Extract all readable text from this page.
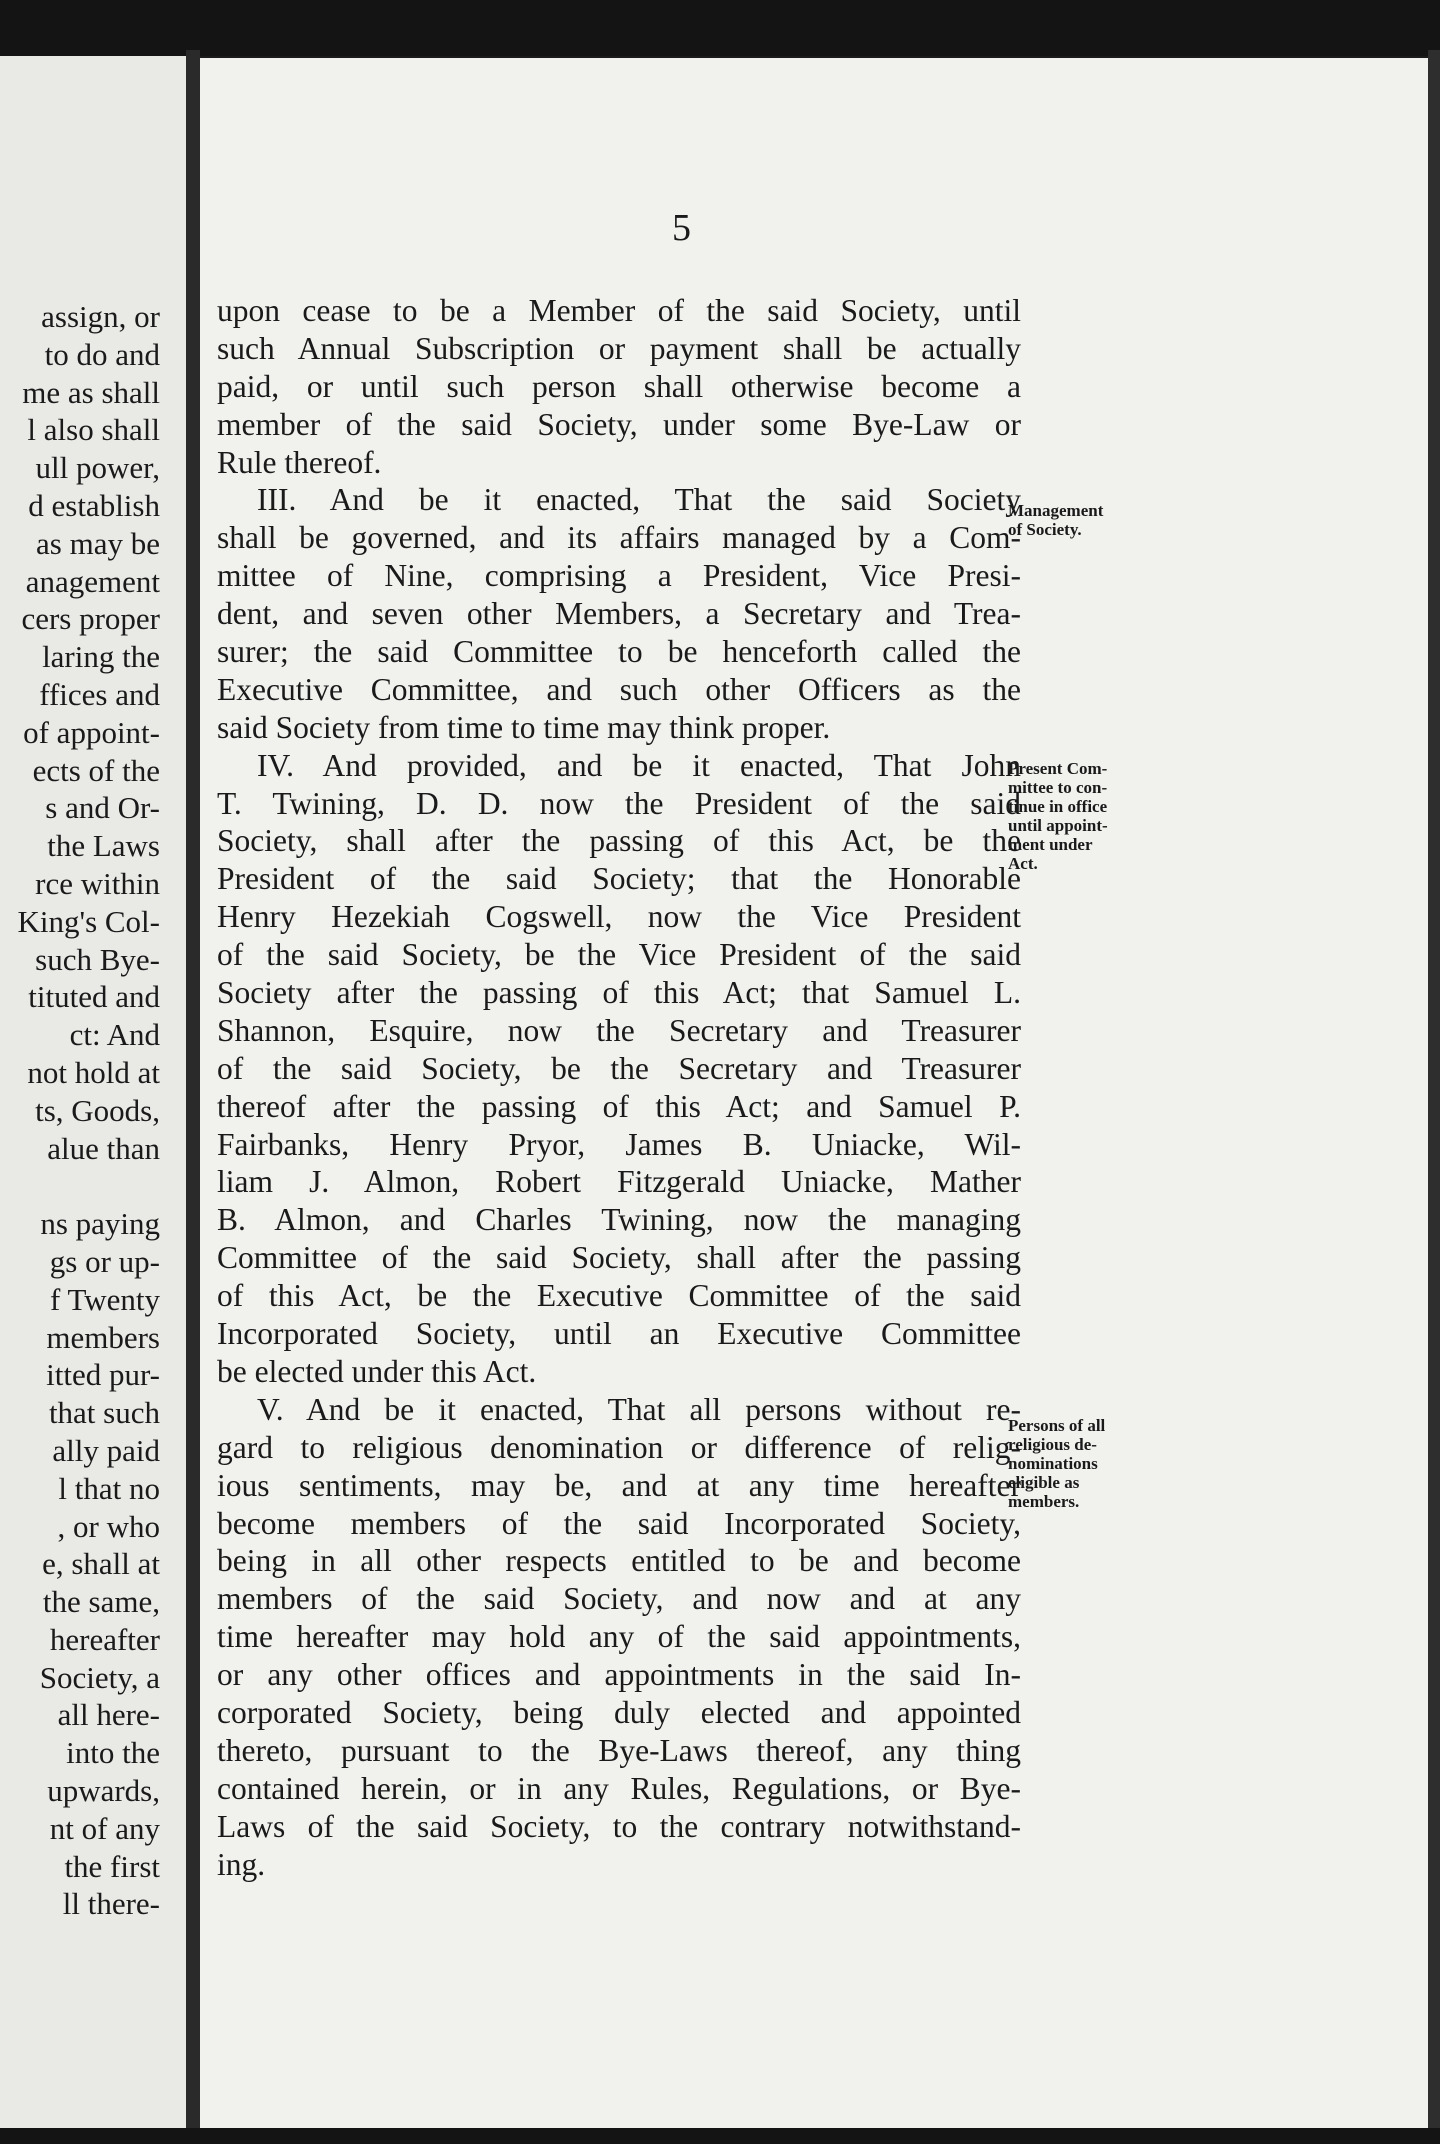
assign, or
to do and
me as shall
l also shall
ull power,
d establish
as may be
anagement
cers proper
laring the
ffices and
of appoint-
ects of the
s and Or-
the Laws
rce within
King's Col-
such Bye-
tituted and
ct: And
not hold at
ts, Goods,
alue than
ns paying
gs or up-
f Twenty
members
itted pur-
that such
ally paid
l that no
, or who
e, shall at
the same,
hereafter
Society, a
all here-
into the
upwards,
nt of any
the first
ll there-
5
upon cease to be a Member of the said Society, until
such Annual Subscription or payment shall be actually
paid, or until such person shall otherwise become a
member of the said Society, under some Bye-Law or
Rule thereof.
III. And be it enacted, That the said Society
shall be governed, and its affairs managed by a Com-
mittee of Nine, comprising a President, Vice Presi-
dent, and seven other Members, a Secretary and Trea-
surer; the said Committee to be henceforth called the
Executive Committee, and such other Officers as the
said Society from time to time may think proper.
IV. And provided, and be it enacted, That John
T. Twining, D. D. now the President of the said
Society, shall after the passing of this Act, be the
President of the said Society; that the Honorable
Henry Hezekiah Cogswell, now the Vice President
of the said Society, be the Vice President of the said
Society after the passing of this Act; that Samuel L.
Shannon, Esquire, now the Secretary and Treasurer
of the said Society, be the Secretary and Treasurer
thereof after the passing of this Act; and Samuel P.
Fairbanks, Henry Pryor, James B. Uniacke, Wil-
liam J. Almon, Robert Fitzgerald Uniacke, Mather
B. Almon, and Charles Twining, now the managing
Committee of the said Society, shall after the passing
of this Act, be the Executive Committee of the said
Incorporated Society, until an Executive Committee
be elected under this Act.
V. And be it enacted, That all persons without re-
gard to religious denomination or difference of relig-
ious sentiments, may be, and at any time hereafter
become members of the said Incorporated Society,
being in all other respects entitled to be and become
members of the said Society, and now and at any
time hereafter may hold any of the said appointments,
or any other offices and appointments in the said In-
corporated Society, being duly elected and appointed
thereto, pursuant to the Bye-Laws thereof, any thing
contained herein, or in any Rules, Regulations, or Bye-
Laws of the said Society, to the contrary notwithstand-
ing.
Management
of Society.
Present Com-
mittee to con-
tinue in office
until appoint-
ment under
Act.
Persons of all
religious de-
nominations
eligible as
members.
